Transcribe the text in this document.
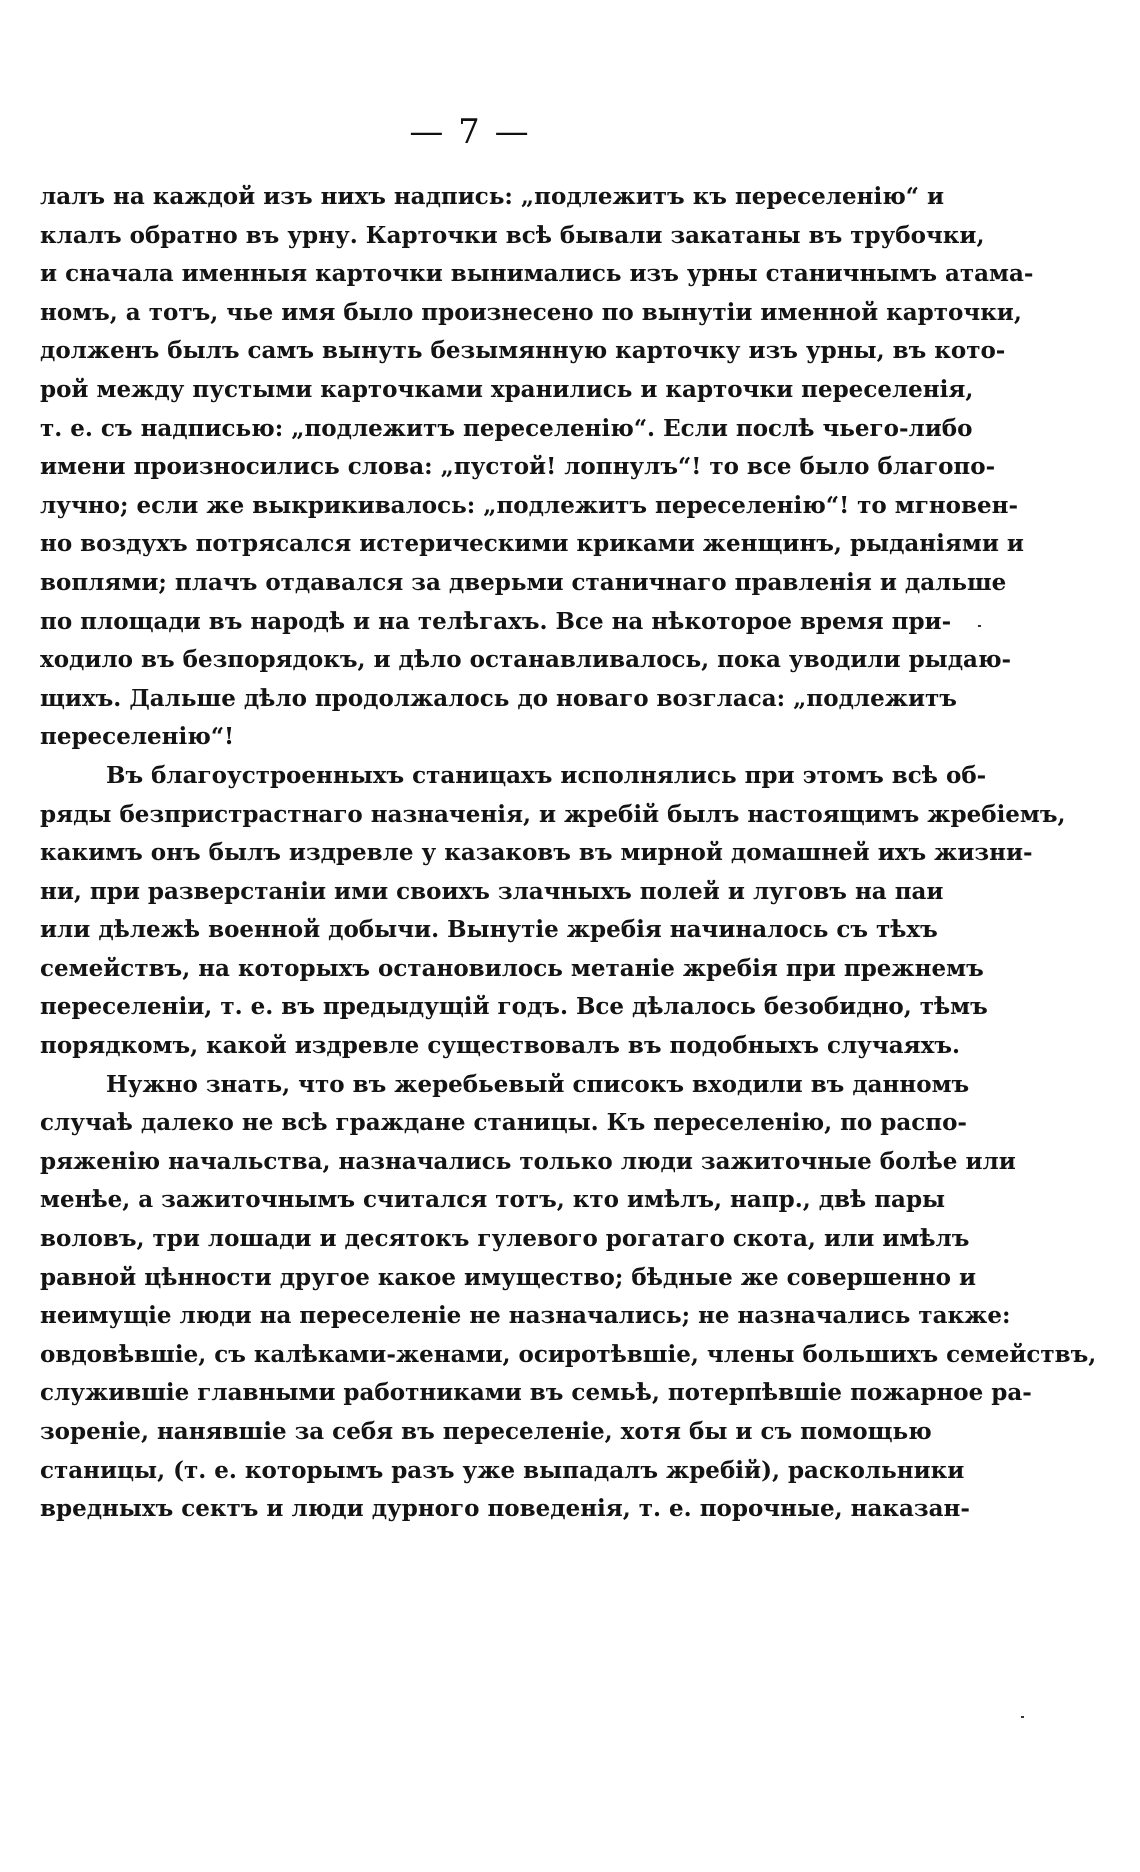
— 7 —
лалъ на каждой изъ нихъ надпись: „подлежитъ къ переселенію“ и
клалъ обратно въ урну. Карточки всѣ бывали закатаны въ трубочки,
и сначала именныя карточки вынимались изъ урны станичнымъ атама-
номъ, а тотъ, чье имя было произнесено по вынутіи именной карточки,
долженъ былъ самъ вынуть безымянную карточку изъ урны, въ кото-
рой между пустыми карточками хранились и карточки переселенія,
т. е. съ надписью: „подлежитъ переселенію“. Если послѣ чьего-либо
имени произносились слова: „пустой! лопнулъ“! то все было благопо-
лучно; если же выкрикивалось: „подлежитъ переселенію“! то мгновен-
но воздухъ потрясался истерическими криками женщинъ, рыданіями и
воплями; плачъ отдавался за дверьми станичнаго правленія и дальше
по площади въ народѣ и на телѣгахъ. Все на нѣкоторое время при-
ходило въ безпорядокъ, и дѣло останавливалось, пока уводили рыдаю-
щихъ. Дальше дѣло продолжалось до новаго возгласа: „подлежитъ
переселенію“!
Въ благоустроенныхъ станицахъ исполнялись при этомъ всѣ об-
ряды безпристрастнаго назначенія, и жребій былъ настоящимъ жребіемъ,
какимъ онъ былъ издревле у казаковъ въ мирной домашней ихъ жизни-
ни, при разверстаніи ими своихъ злачныхъ полей и луговъ на паи
или дѣлежѣ военной добычи. Вынутіе жребія начиналось съ тѣхъ
семействъ, на которыхъ остановилось метаніе жребія при прежнемъ
переселеніи, т. е. въ предыдущій годъ. Все дѣлалось безобидно, тѣмъ
порядкомъ, какой издревле существовалъ въ подобныхъ случаяхъ.
Нужно знать, что въ жеребьевый списокъ входили въ данномъ
случаѣ далеко не всѣ граждане станицы. Къ переселенію, по распо-
ряженію начальства, назначались только люди зажиточные болѣе или
менѣе, а зажиточнымъ считался тотъ, кто имѣлъ, напр., двѣ пары
воловъ, три лошади и десятокъ гулевого рогатаго скота, или имѣлъ
равной цѣнности другое какое имущество; бѣдные же совершенно и
неимущіе люди на переселеніе не назначались; не назначались также:
овдовѣвшіе, съ калѣками-женами, осиротѣвшіе, члены большихъ семействъ,
служившіе главными работниками въ семьѣ, потерпѣвшіе пожарное ра-
зореніе, нанявшіе за себя въ переселеніе, хотя бы и съ помощью
станицы, (т. е. которымъ разъ уже выпадалъ жребій), раскольники
вредныхъ сектъ и люди дурного поведенія, т. е. порочные, наказан-
